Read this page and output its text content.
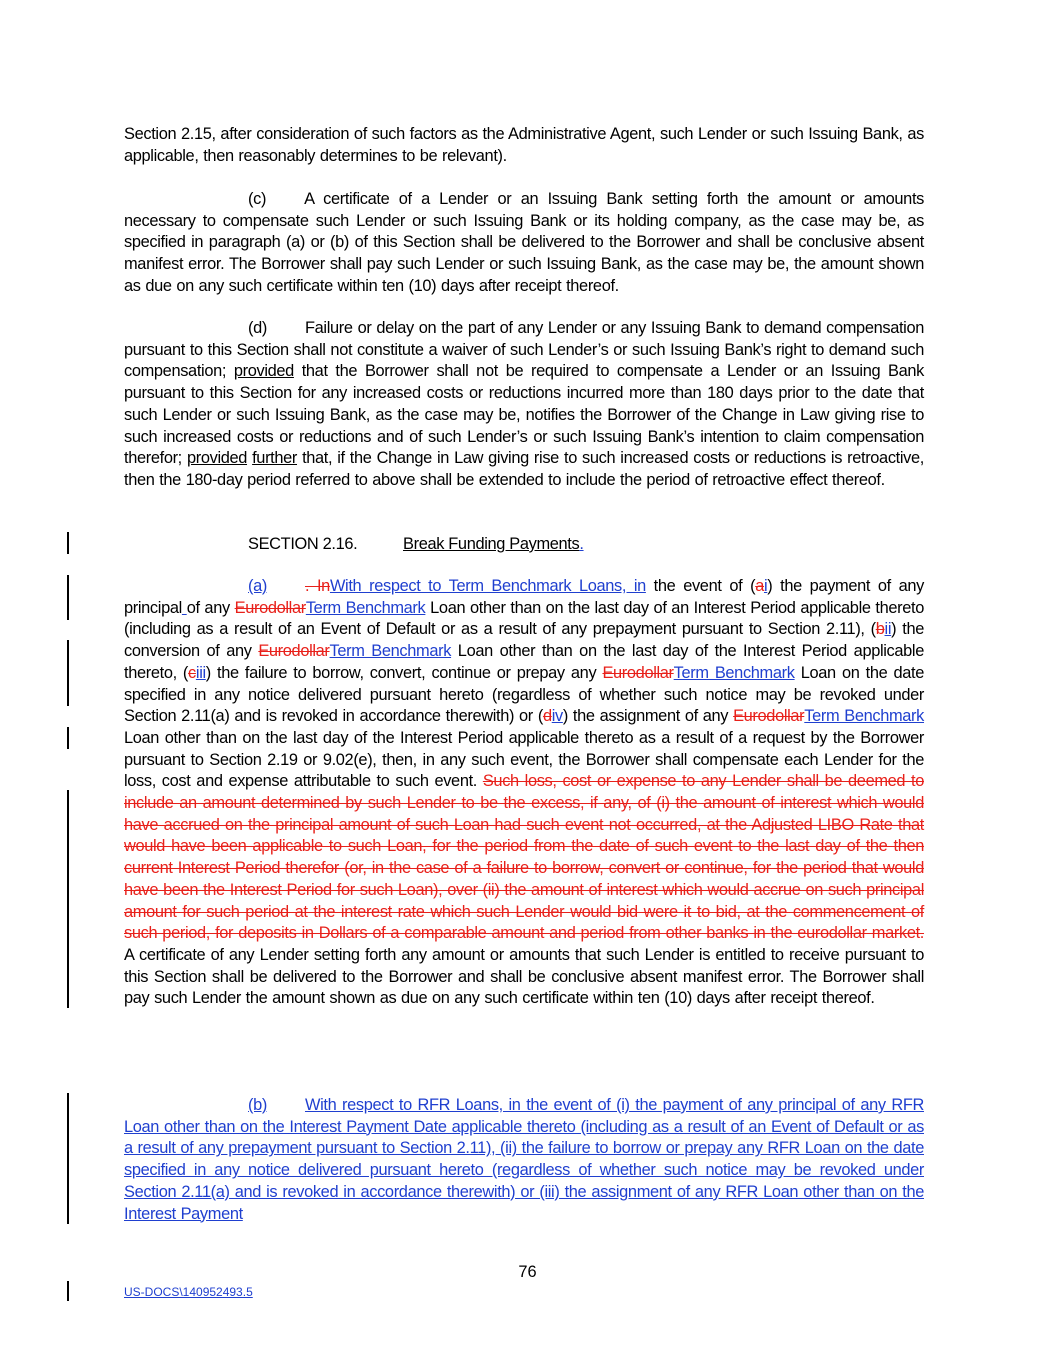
Section 2.15, after consideration of such factors as the Administrative Agent, such Lender or such Issuing Bank, as applicable, then reasonably determines to be relevant).

(c) A certificate of a Lender or an Issuing Bank setting forth the amount or amounts necessary to compensate such Lender or such Issuing Bank or its holding company, as the case may be, as specified in paragraph (a) or (b) of this Section shall be delivered to the Borrower and shall be conclusive absent manifest error. The Borrower shall pay such Lender or such Issuing Bank, as the case may be, the amount shown as due on any such certificate within ten (10) days after receipt thereof.

(d) Failure or delay on the part of any Lender or any Issuing Bank to demand compensation pursuant to this Section shall not constitute a waiver of such Lender’s or such Issuing Bank’s right to demand such compensation; provided that the Borrower shall not be required to compensate a Lender or an Issuing Bank pursuant to this Section for any increased costs or reductions incurred more than 180 days prior to the date that such Lender or such Issuing Bank, as the case may be, notifies the Borrower of the Change in Law giving rise to such increased costs or reductions and of such Lender’s or such Issuing Bank’s intention to claim compensation therefor; provided further that, if the Change in Law giving rise to such increased costs or reductions is retroactive, then the 180-day period referred to above shall be extended to include the period of retroactive effect thereof.

SECTION 2.16.	Break Funding Payments.

(a) . InWith respect to Term Benchmark Loans, in the event of (ai) the payment of any principal of any EurodollarTerm Benchmark Loan other than on the last day of an Interest Period applicable thereto (including as a result of an Event of Default or as a result of any prepayment pursuant to Section 2.11), (bii) the conversion of any EurodollarTerm Benchmark Loan other than on the last day of the Interest Period applicable thereto, (ciii) the failure to borrow, convert, continue or prepay any EurodollarTerm Benchmark Loan on the date specified in any notice delivered pursuant hereto (regardless of whether such notice may be revoked under Section 2.11(a) and is revoked in accordance therewith) or (div) the assignment of any EurodollarTerm Benchmark Loan other than on the last day of the Interest Period applicable thereto as a result of a request by the Borrower pursuant to Section 2.19 or 9.02(e), then, in any such event, the Borrower shall compensate each Lender for the loss, cost and expense attributable to such event. Such loss, cost or expense to any Lender shall be deemed to include an amount determined by such Lender to be the excess, if any, of (i) the amount of interest which would have accrued on the principal amount of such Loan had such event not occurred, at the Adjusted LIBO Rate that would have been applicable to such Loan, for the period from the date of such event to the last day of the then current Interest Period therefor (or, in the case of a failure to borrow, convert or continue, for the period that would have been the Interest Period for such Loan), over (ii) the amount of interest which would accrue on such principal amount for such period at the interest rate which such Lender would bid were it to bid, at the commencement of such period, for deposits in Dollars of a comparable amount and period from other banks in the eurodollar market. A certificate of any Lender setting forth any amount or amounts that such Lender is entitled to receive pursuant to this Section shall be delivered to the Borrower and shall be conclusive absent manifest error. The Borrower shall pay such Lender the amount shown as due on any such certificate within ten (10) days after receipt thereof.

(b) With respect to RFR Loans, in the event of (i) the payment of any principal of any RFR Loan other than on the Interest Payment Date applicable thereto (including as a result of an Event of Default or as a result of any prepayment pursuant to Section 2.11), (ii) the failure to borrow or prepay any RFR Loan on the date specified in any notice delivered pursuant hereto (regardless of whether such notice may be revoked under Section 2.11(a) and is revoked in accordance therewith) or (iii) the assignment of any RFR Loan other than on the Interest Payment

76
US-DOCS\140952493.5
